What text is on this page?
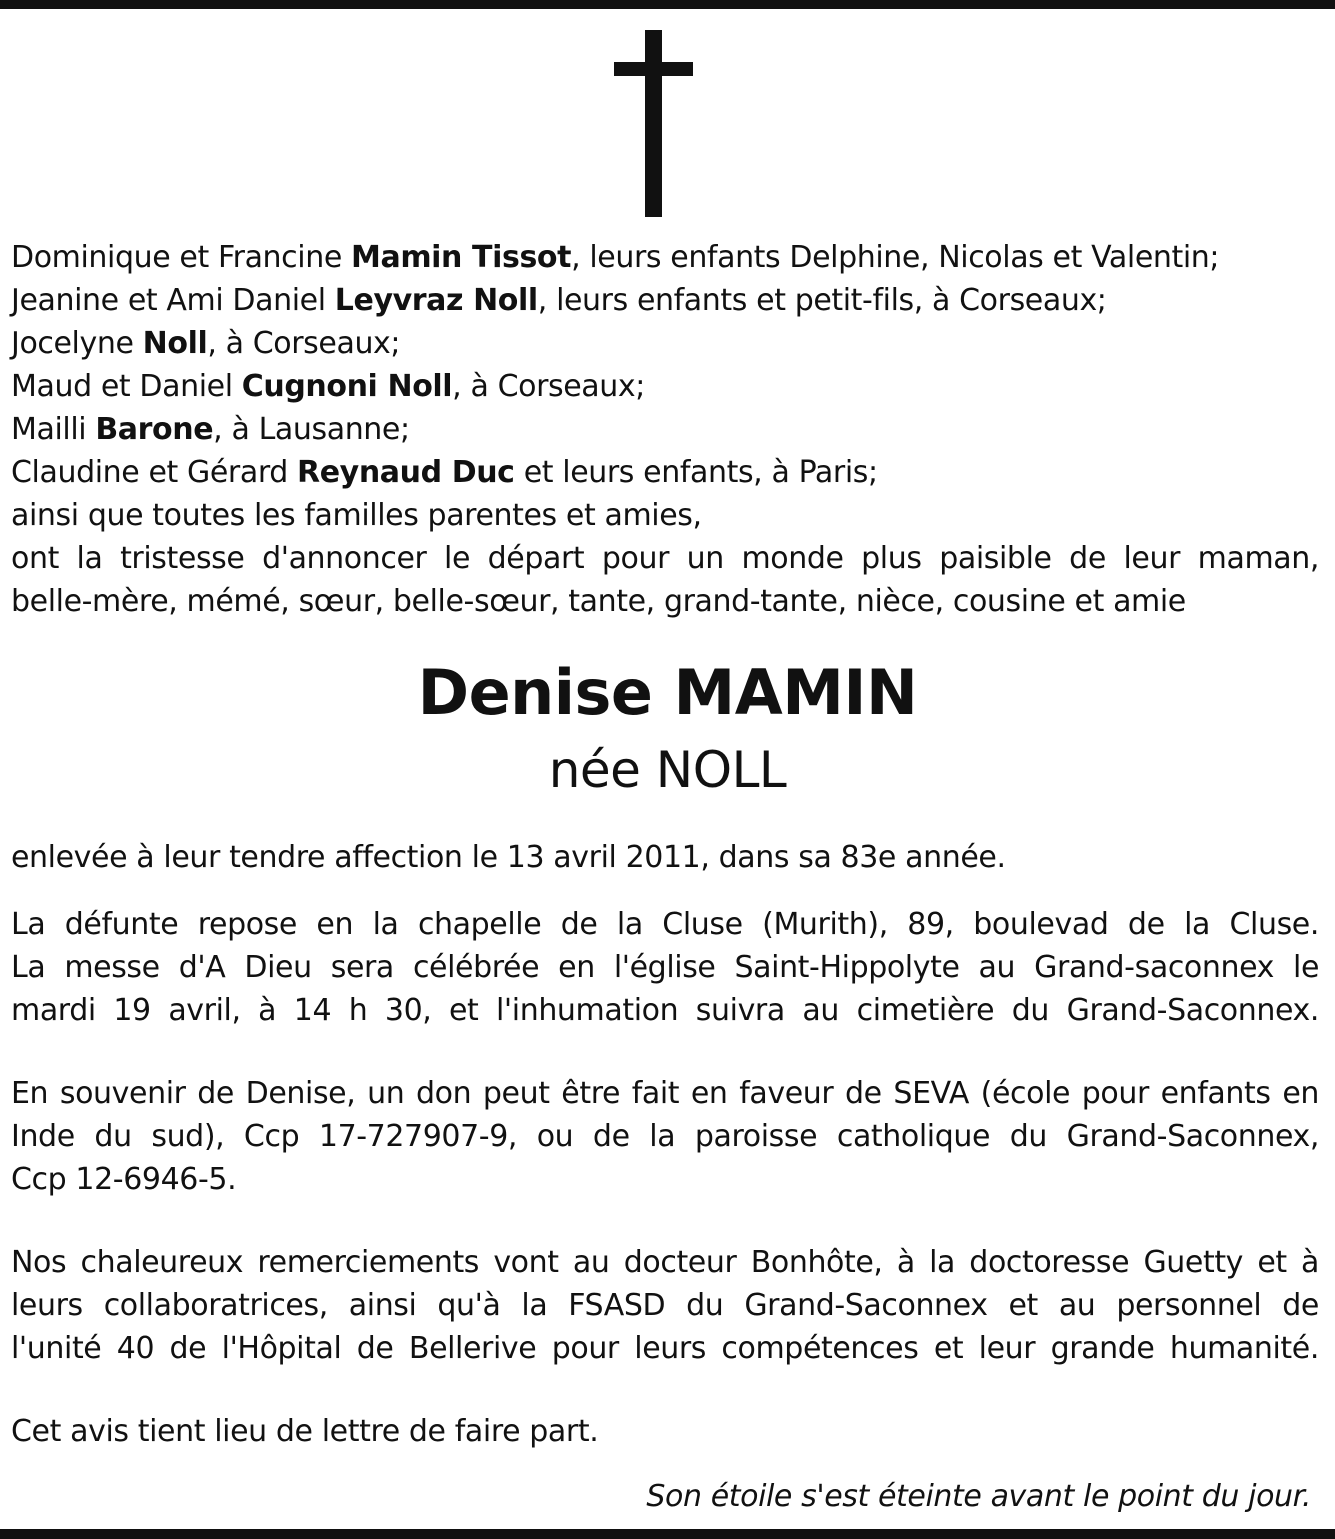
Dominique et Francine Mamin Tissot, leurs enfants Delphine, Nicolas et Valentin;
Jeanine et Ami Daniel Leyvraz Noll, leurs enfants et petit-fils, à Corseaux;
Jocelyne Noll, à Corseaux;
Maud et Daniel Cugnoni Noll, à Corseaux;
Mailli Barone, à Lausanne;
Claudine et Gérard Reynaud Duc et leurs enfants, à Paris;
ainsi que toutes les familles parentes et amies,
ont la tristesse d'annoncer le départ pour un monde plus paisible de leur maman,
belle-mère, mémé, sœur, belle-sœur, tante, grand-tante, nièce, cousine et amie
Denise MAMIN
née NOLL
enlevée à leur tendre affection le 13 avril 2011, dans sa 83e année.
La défunte repose en la chapelle de la Cluse (Murith), 89, boulevad de la Cluse.
La messe d'A Dieu sera célébrée en l'église Saint-Hippolyte au Grand-saconnex le
mardi 19 avril, à 14 h 30, et l'inhumation suivra au cimetière du Grand-Saconnex.
En souvenir de Denise, un don peut être fait en faveur de SEVA (école pour enfants en
Inde du sud), Ccp 17-727907-9, ou de la paroisse catholique du Grand-Saconnex,
Ccp 12-6946-5.
Nos chaleureux remerciements vont au docteur Bonhôte, à la doctoresse Guetty et à
leurs collaboratrices, ainsi qu'à la FSASD du Grand-Saconnex et au personnel de
l'unité 40 de l'Hôpital de Bellerive pour leurs compétences et leur grande humanité.
Cet avis tient lieu de lettre de faire part.
Son étoile s'est éteinte avant le point du jour.
